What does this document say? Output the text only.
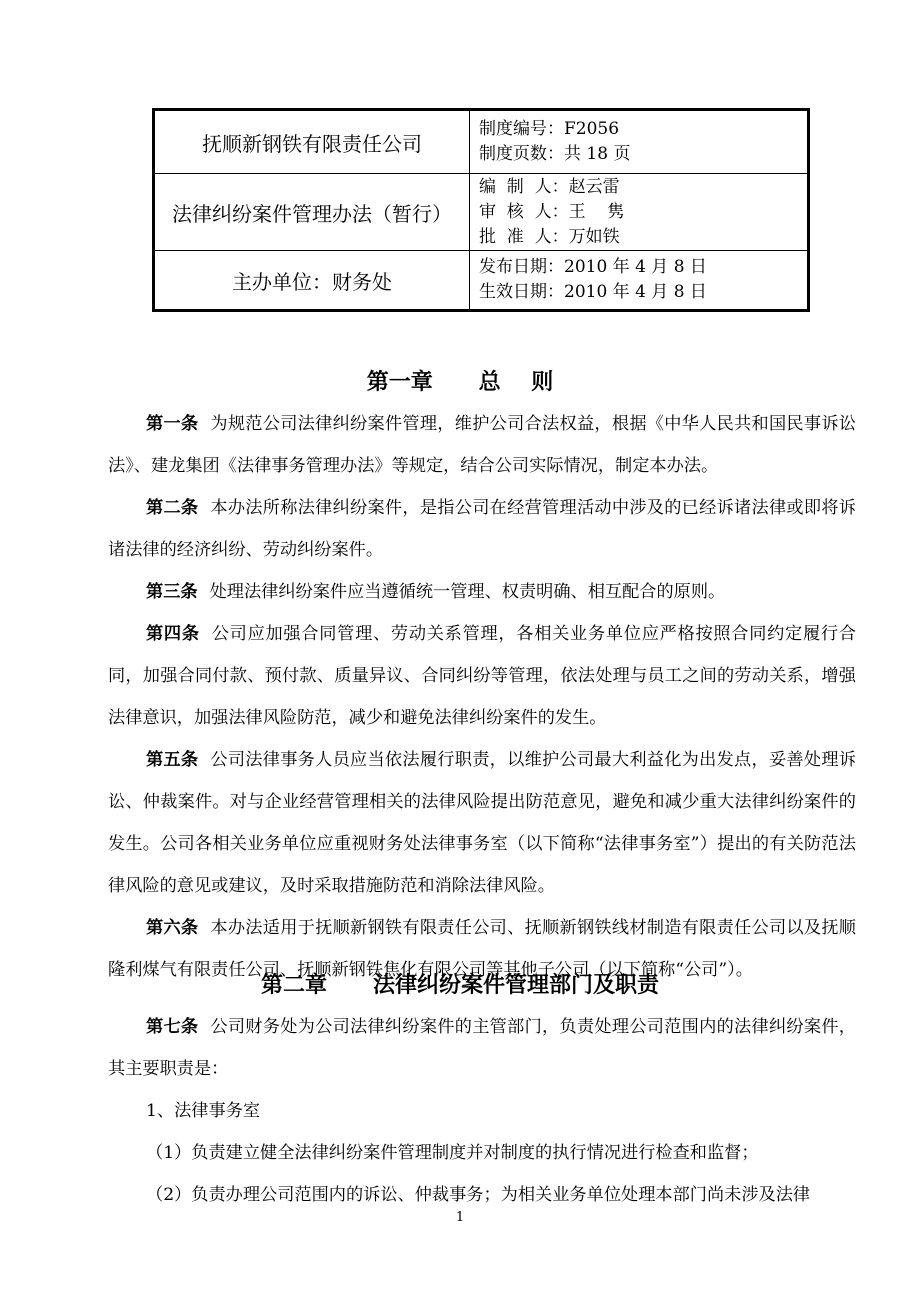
抚顺新钢铁有限责任公司	制度编号：F2056
制度页数：共 18 页

法律纠纷案件管理办法（暂行）	编  制  人：赵云雷
审  核  人：王    隽
批  准  人：万如铁

主办单位：财务处	发布日期：2010 年 4 月 8 日
生效日期：2010 年 4 月 8 日
第一章      总    则

第一条 为规范公司法律纠纷案件管理，维护公司合法权益，根据《中华人民共和国民事诉讼法》、建龙集团《法律事务管理办法》等规定，结合公司实际情况，制定本办法。

第二条 本办法所称法律纠纷案件，是指公司在经营管理活动中涉及的已经诉诸法律或即将诉诸法律的经济纠纷、劳动纠纷案件。

第三条 处理法律纠纷案件应当遵循统一管理、权责明确、相互配合的原则。

第四条 公司应加强合同管理、劳动关系管理，各相关业务单位应严格按照合同约定履行合同，加强合同付款、预付款、质量异议、合同纠纷等管理，依法处理与员工之间的劳动关系，增强法律意识，加强法律风险防范，减少和避免法律纠纷案件的发生。

第五条 公司法律事务人员应当依法履行职责，以维护公司最大利益化为出发点，妥善处理诉讼、仲裁案件。对与企业经营管理相关的法律风险提出防范意见，避免和减少重大法律纠纷案件的发生。公司各相关业务单位应重视财务处法律事务室（以下简称“法律事务室”）提出的有关防范法律风险的意见或建议，及时采取措施防范和消除法律风险。

第六条 本办法适用于抚顺新钢铁有限责任公司、抚顺新钢铁线材制造有限责任公司以及抚顺隆利煤气有限责任公司、抚顺新钢铁焦化有限公司等其他子公司（以下简称“公司”）。

第二章      法律纠纷案件管理部门及职责

第七条 公司财务处为公司法律纠纷案件的主管部门，负责处理公司范围内的法律纠纷案件，其主要职责是：

1、法律事务室

（1）负责建立健全法律纠纷案件管理制度并对制度的执行情况进行检查和监督；

（2）负责办理公司范围内的诉讼、仲裁事务；为相关业务单位处理本部门尚未涉及法律

1
